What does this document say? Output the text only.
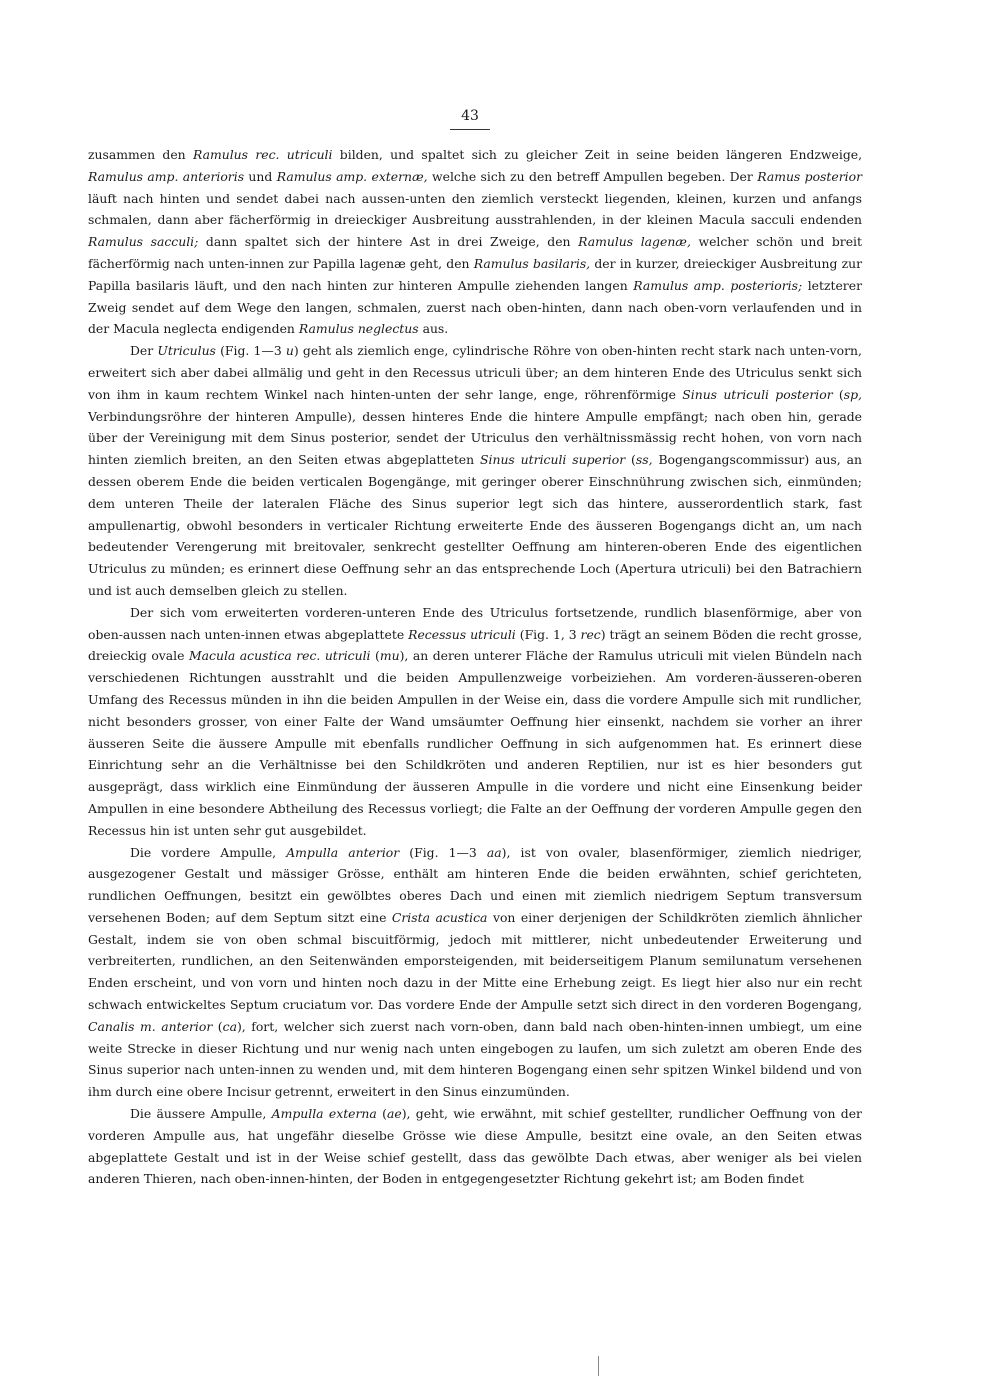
43

zusammen den Ramulus rec. utriculi bilden, und spaltet sich zu gleicher Zeit in seine beiden längeren Endzweige, Ramulus amp. anterioris und Ramulus amp. externæ, welche sich zu den betreff Ampullen begeben. Der Ramus posterior läuft nach hinten und sendet dabei nach aussen-unten den ziemlich versteckt liegenden, kleinen, kurzen und anfangs schmalen, dann aber fächerförmig in dreieckiger Ausbreitung ausstrahlenden, in der kleinen Macula sacculi endenden Ramulus sacculi; dann spaltet sich der hintere Ast in drei Zweige, den Ramulus lagenæ, welcher schön und breit fächerförmig nach unten-innen zur Papilla lagenæ geht, den Ramulus basilaris, der in kurzer, dreieckiger Ausbreitung zur Papilla basilaris läuft, und den nach hinten zur hinteren Ampulle ziehenden langen Ramulus amp. posterioris; letzterer Zweig sendet auf dem Wege den langen, schmalen, zuerst nach oben-hinten, dann nach oben-vorn verlaufenden und in der Macula neglecta endigenden Ramulus neglectus aus.

Der Utriculus (Fig. 1—3 u) geht als ziemlich enge, cylindrische Röhre von oben-hinten recht stark nach unten-vorn, erweitert sich aber dabei allmälig und geht in den Recessus utriculi über; an dem hinteren Ende des Utriculus senkt sich von ihm in kaum rechtem Winkel nach hinten-unten der sehr lange, enge, röhrenförmige Sinus utriculi posterior (sp, Verbindungsröhre der hinteren Ampulle), dessen hinteres Ende die hintere Ampulle empfängt; nach oben hin, gerade über der Vereinigung mit dem Sinus posterior, sendet der Utriculus den verhältnissmässig recht hohen, von vorn nach hinten ziemlich breiten, an den Seiten etwas abgeplatteten Sinus utriculi superior (ss, Bogengangscommissur) aus, an dessen oberem Ende die beiden verticalen Bogengänge, mit geringer oberer Einschnührung zwischen sich, einmünden; dem unteren Theile der lateralen Fläche des Sinus superior legt sich das hintere, ausserordentlich stark, fast ampullenartig, obwohl besonders in verticaler Richtung erweiterte Ende des äusseren Bogengangs dicht an, um nach bedeutender Verengerung mit breitovaler, senkrecht gestellter Oeffnung am hinteren-oberen Ende des eigentlichen Utriculus zu münden; es erinnert diese Oeffnung sehr an das entsprechende Loch (Apertura utriculi) bei den Batrachiern und ist auch demselben gleich zu stellen.

Der sich vom erweiterten vorderen-unteren Ende des Utriculus fortsetzende, rundlich blasenförmige, aber von oben-aussen nach unten-innen etwas abgeplattete Recessus utriculi (Fig. 1, 3 rec) trägt an seinem Böden die recht grosse, dreieckig ovale Macula acustica rec. utriculi (mu), an deren unterer Fläche der Ramulus utriculi mit vielen Bündeln nach verschiedenen Richtungen ausstrahlt und die beiden Ampullenzweige vorbeiziehen. Am vorderen-äusseren-oberen Umfang des Recessus münden in ihn die beiden Ampullen in der Weise ein, dass die vordere Ampulle sich mit rundlicher, nicht besonders grosser, von einer Falte der Wand umsäumter Oeffnung hier einsenkt, nachdem sie vorher an ihrer äusseren Seite die äussere Ampulle mit ebenfalls rundlicher Oeffnung in sich aufgenommen hat. Es erinnert diese Einrichtung sehr an die Verhältnisse bei den Schildkröten und anderen Reptilien, nur ist es hier besonders gut ausgeprägt, dass wirklich eine Einmündung der äusseren Ampulle in die vordere und nicht eine Einsenkung beider Ampullen in eine besondere Abtheilung des Recessus vorliegt; die Falte an der Oeffnung der vorderen Ampulle gegen den Recessus hin ist unten sehr gut ausgebildet.

Die vordere Ampulle, Ampulla anterior (Fig. 1—3 aa), ist von ovaler, blasenförmiger, ziemlich niedriger, ausgezogener Gestalt und mässiger Grösse, enthält am hinteren Ende die beiden erwähnten, schief gerichteten, rundlichen Oeffnungen, besitzt ein gewölbtes oberes Dach und einen mit ziemlich niedrigem Septum transversum versehenen Boden; auf dem Septum sitzt eine Crista acustica von einer derjenigen der Schildkröten ziemlich ähnlicher Gestalt, indem sie von oben schmal biscuitförmig, jedoch mit mittlerer, nicht unbedeutender Erweiterung und verbreiterten, rundlichen, an den Seitenwänden emporsteigenden, mit beiderseitigem Planum semilunatum versehenen Enden erscheint, und von vorn und hinten noch dazu in der Mitte eine Erhebung zeigt. Es liegt hier also nur ein recht schwach entwickeltes Septum cruciatum vor. Das vordere Ende der Ampulle setzt sich direct in den vorderen Bogengang, Canalis m. anterior (ca), fort, welcher sich zuerst nach vorn-oben, dann bald nach oben-hinten-innen umbiegt, um eine weite Strecke in dieser Richtung und nur wenig nach unten eingebogen zu laufen, um sich zuletzt am oberen Ende des Sinus superior nach unten-innen zu wenden und, mit dem hinteren Bogengang einen sehr spitzen Winkel bildend und von ihm durch eine obere Incisur getrennt, erweitert in den Sinus einzumünden.

Die äussere Ampulle, Ampulla externa (ae), geht, wie erwähnt, mit schief gestellter, rundlicher Oeffnung von der vorderen Ampulle aus, hat ungefähr dieselbe Grösse wie diese Ampulle, besitzt eine ovale, an den Seiten etwas abgeplattete Gestalt und ist in der Weise schief gestellt, dass das gewölbte Dach etwas, aber weniger als bei vielen anderen Thieren, nach oben-innen-hinten, der Boden in entgegengesetzter Richtung gekehrt ist; am Boden findet
